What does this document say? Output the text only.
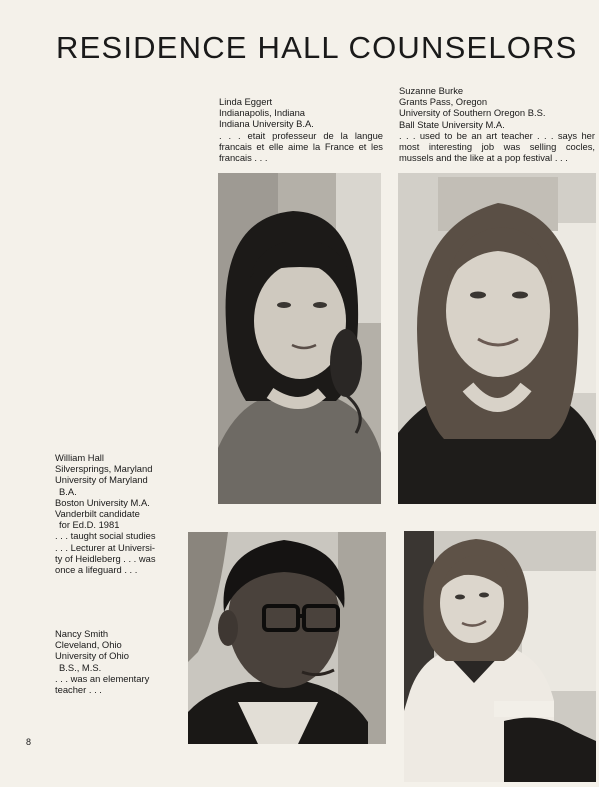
RESIDENCE HALL COUNSELORS
Linda Eggert
Indianapolis, Indiana
Indiana University B.A.
. . . etait professeur de la langue francais et elle aime la France et les francais . . .
Suzanne Burke
Grants Pass, Oregon
University of Southern Oregon B.S.
Ball State University M.A.
. . . used to be an art teacher . . . says her most interesting job was selling cocles, mussels and the like at a pop festival . . .
William Hall
Silversprings, Maryland
University of Maryland
B.A.
Boston University M.A.
Vanderbilt candidate
for Ed.D. 1981
. . . taught social studies
. . . Lecturer at Universi-
ty of Heidleberg . . . was
once a lifeguard . . .
Nancy Smith
Cleveland, Ohio
University of Ohio
B.S., M.S.
. . . was an elementary
teacher . . .
8
